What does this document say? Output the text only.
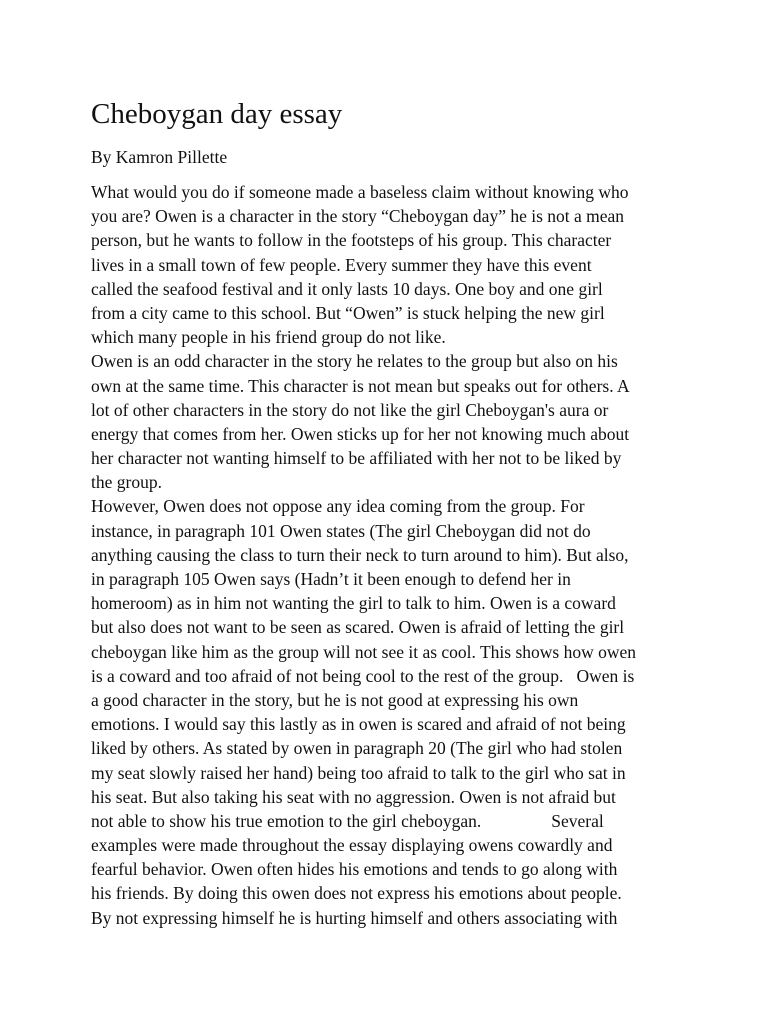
Cheboygan day essay

By Kamron Pillette

What would you do if someone made a baseless claim without knowing who
you are? Owen is a character in the story “Cheboygan day” he is not a mean
person, but he wants to follow in the footsteps of his group. This character
lives in a small town of few people. Every summer they have this event
called the seafood festival and it only lasts 10 days. One boy and one girl
from a city came to this school. But “Owen” is stuck helping the new girl
which many people in his friend group do not like.
Owen is an odd character in the story he relates to the group but also on his
own at the same time. This character is not mean but speaks out for others. A
lot of other characters in the story do not like the girl Cheboygan's aura or
energy that comes from her. Owen sticks up for her not knowing much about
her character not wanting himself to be affiliated with her not to be liked by
the group.
However, Owen does not oppose any idea coming from the group. For
instance, in paragraph 101 Owen states (The girl Cheboygan did not do
anything causing the class to turn their neck to turn around to him). But also,
in paragraph 105 Owen says (Hadn’t it been enough to defend her in
homeroom) as in him not wanting the girl to talk to him. Owen is a coward
but also does not want to be seen as scared. Owen is afraid of letting the girl
cheboygan like him as the group will not see it as cool. This shows how owen
is a coward and too afraid of not being cool to the rest of the group.   Owen is
a good character in the story, but he is not good at expressing his own
emotions. I would say this lastly as in owen is scared and afraid of not being
liked by others. As stated by owen in paragraph 20 (The girl who had stolen
my seat slowly raised her hand) being too afraid to talk to the girl who sat in
his seat. But also taking his seat with no aggression. Owen is not afraid but
not able to show his true emotion to the girl cheboygan.                Several
examples were made throughout the essay displaying owens cowardly and
fearful behavior. Owen often hides his emotions and tends to go along with
his friends. By doing this owen does not express his emotions about people.
By not expressing himself he is hurting himself and others associating with
